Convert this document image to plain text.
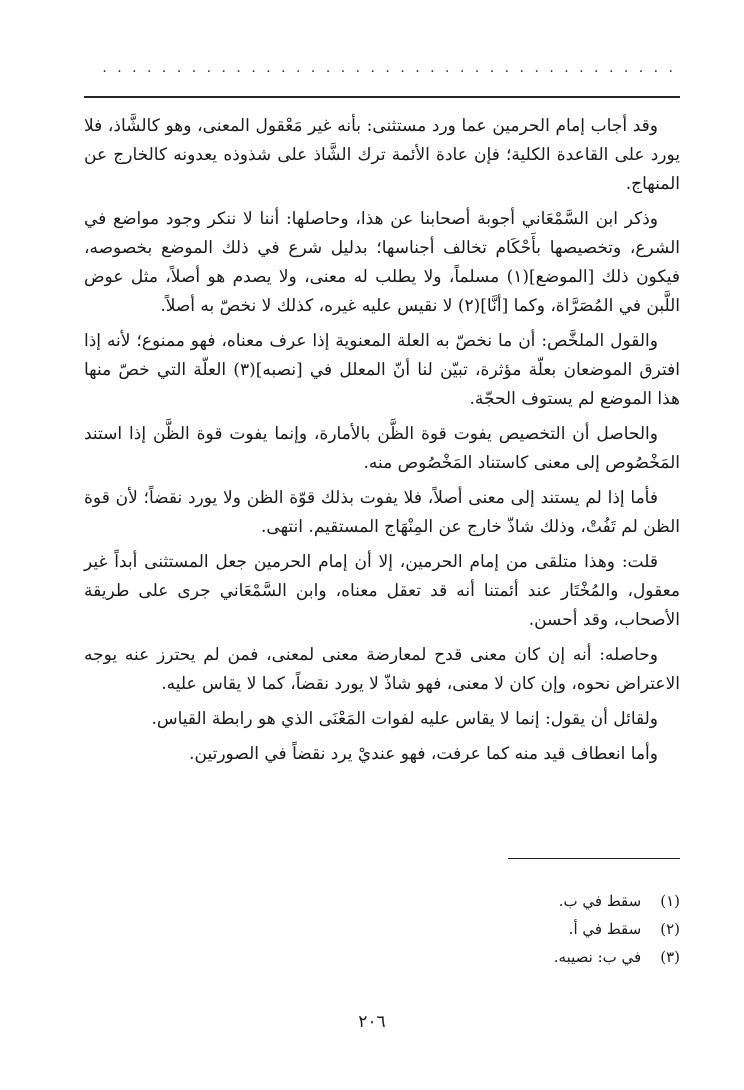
· · · · · · · · · · · · · · · · · · · · · · · · · · · · · · · · · · · · · · ·

وقد أجاب إمام الحرمين عما ورد مستثنى: بأنه غير مَعْقول المعنى، وهو كالشَّاذ، فلا يورد على القاعدة الكلية؛ فإن عادة الأئمة ترك الشَّاذ على شذوذه يعدونه كالخارج عن المنهاج.

وذكر ابن السَّمْعَاني أجوبة أصحابنا عن هذا، وحاصلها: أننا لا ننكر وجود مواضع في الشرع، وتخصيصها بأَحْكَام تخالف أجناسها؛ بدليل شرع في ذلك الموضع بخصوصه، فيكون ذلك [الموضع](١) مسلماً، ولا يطلب له معنى، ولا يصدم هو أصلاً، مثل عوض اللَّبن في المُصَرَّاة، وكما [أنَّا](٢) لا نقيس عليه غيره، كذلك لا نخصّ به أصلاً.

والقول الملخَّص: أن ما نخصّ به العلة المعنوية إذا عرف معناه، فهو ممنوع؛ لأنه إذا افترق الموضعان بعلّة مؤثرة، تبيّن لنا أنّ المعلل في [نصبه](٣) العلّة التي خصّ منها هذا الموضع لم يستوف الحجّة.

والحاصل أن التخصيص يفوت قوة الظَّن بالأمارة، وإنما يفوت قوة الظَّن إذا استند المَخْصُوص إلى معنى كاستناد المَخْصُوص منه.

فأما إذا لم يستند إلى معنى أصلاً، فلا يفوت بذلك قوّة الظن ولا يورد نقضاً؛ لأن قوة الظن لم تَفُتْ، وذلك شاذّ خارج عن المِنْهَاج المستقيم. انتهى.

قلت: وهذا متلقى من إمام الحرمين، إلا أن إمام الحرمين جعل المستثنى أبداً غير معقول، والمُخْتَار عند أئمتنا أنه قد تعقل معناه، وابن السَّمْعَاني جرى على طريقة الأصحاب، وقد أحسن.

وحاصله: أنه إن كان معنى قدح لمعارضة معنى لمعنى، فمن لم يحترز عنه يوجه الاعتراض نحوه، وإن كان لا معنى، فهو شاذّ لا يورد نقضاً، كما لا يقاس عليه.

ولقائل أن يقول: إنما لا يقاس عليه لفوات المَعْنَى الذي هو رابطة القياس.

وأما انعطاف قيد منه كما عرفت، فهو عنديْ يرد نقضاً في الصورتين.

(١) سقط في ب.
(٢) سقط في أ.
(٣) في ب: نصيبه.
٢٠٦
